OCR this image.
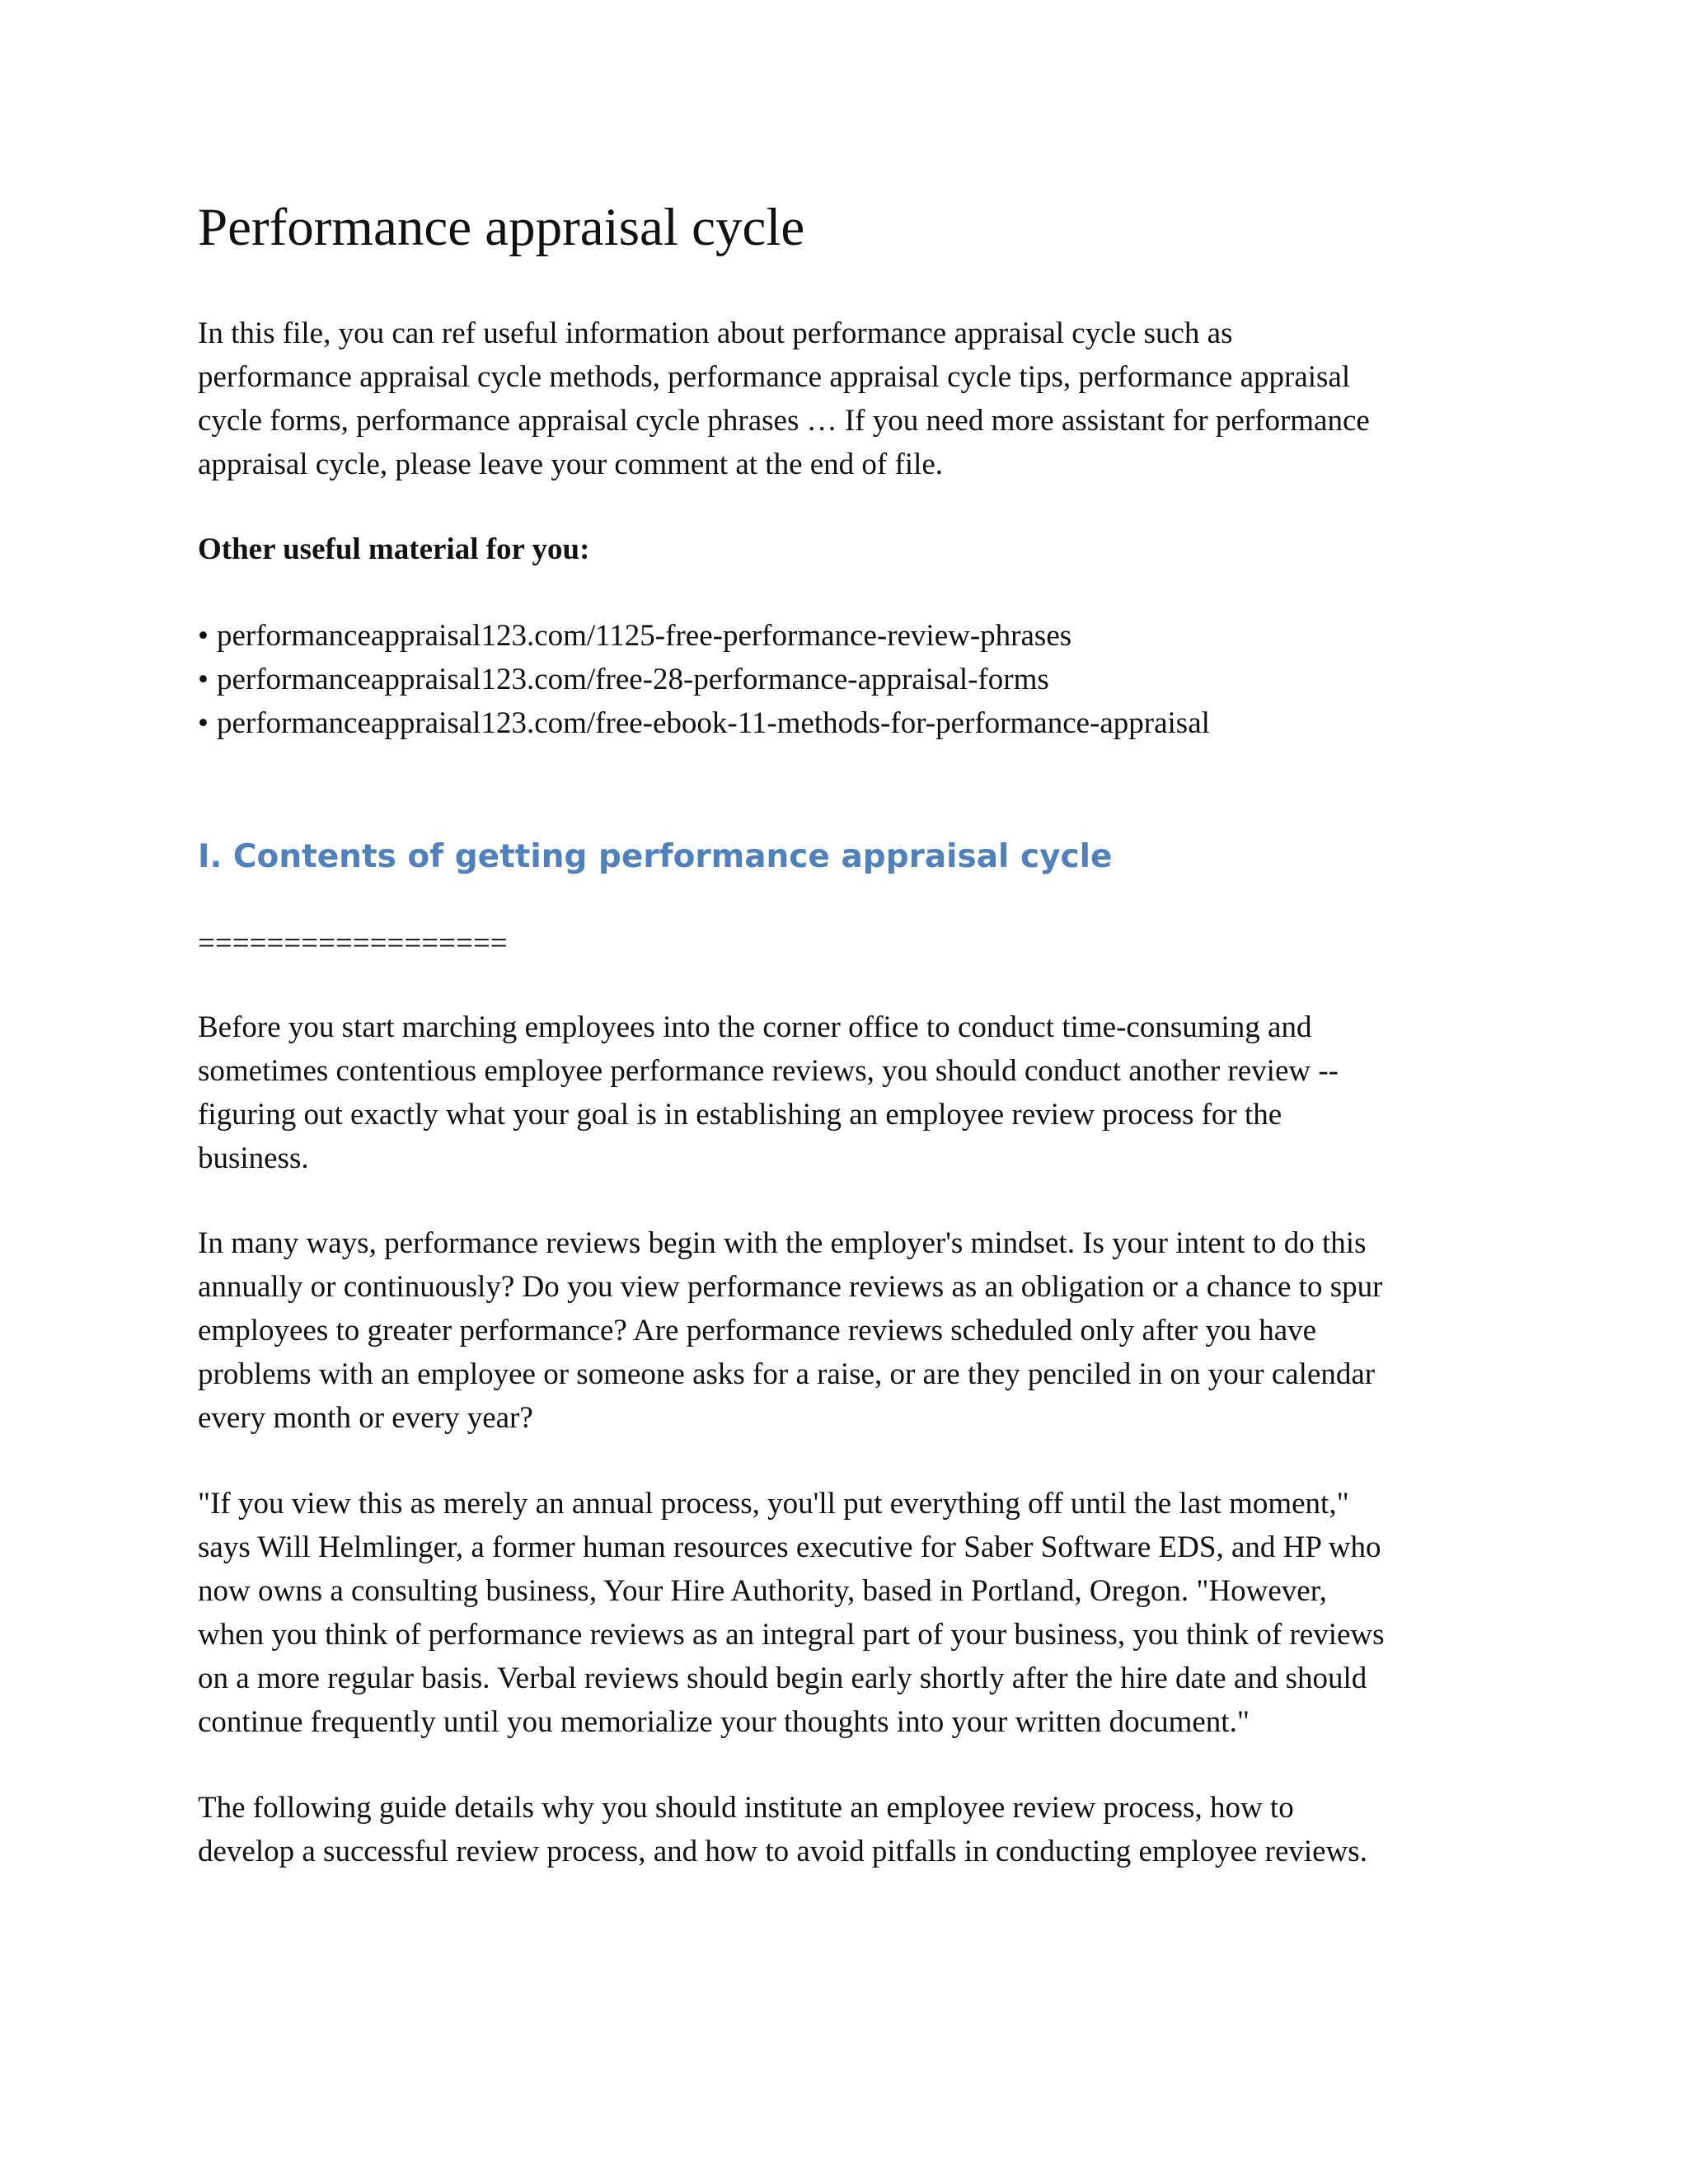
Performance appraisal cycle

In this file, you can ref useful information about performance appraisal cycle such as
performance appraisal cycle methods, performance appraisal cycle tips, performance appraisal
cycle forms, performance appraisal cycle phrases … If you need more assistant for performance
appraisal cycle, please leave your comment at the end of file.

Other useful material for you:

• performanceappraisal123.com/1125-free-performance-review-phrases
• performanceappraisal123.com/free-28-performance-appraisal-forms
• performanceappraisal123.com/free-ebook-11-methods-for-performance-appraisal
I. Contents of getting performance appraisal cycle

==================

Before you start marching employees into the corner office to conduct time-consuming and
sometimes contentious employee performance reviews, you should conduct another review --
figuring out exactly what your goal is in establishing an employee review process for the
business.

In many ways, performance reviews begin with the employer's mindset. Is your intent to do this
annually or continuously? Do you view performance reviews as an obligation or a chance to spur
employees to greater performance? Are performance reviews scheduled only after you have
problems with an employee or someone asks for a raise, or are they penciled in on your calendar
every month or every year?

"If you view this as merely an annual process, you'll put everything off until the last moment,"
says Will Helmlinger, a former human resources executive for Saber Software EDS, and HP who
now owns a consulting business, Your Hire Authority, based in Portland, Oregon. "However,
when you think of performance reviews as an integral part of your business, you think of reviews
on a more regular basis. Verbal reviews should begin early shortly after the hire date and should
continue frequently until you memorialize your thoughts into your written document."

The following guide details why you should institute an employee review process, how to
develop a successful review process, and how to avoid pitfalls in conducting employee reviews.
